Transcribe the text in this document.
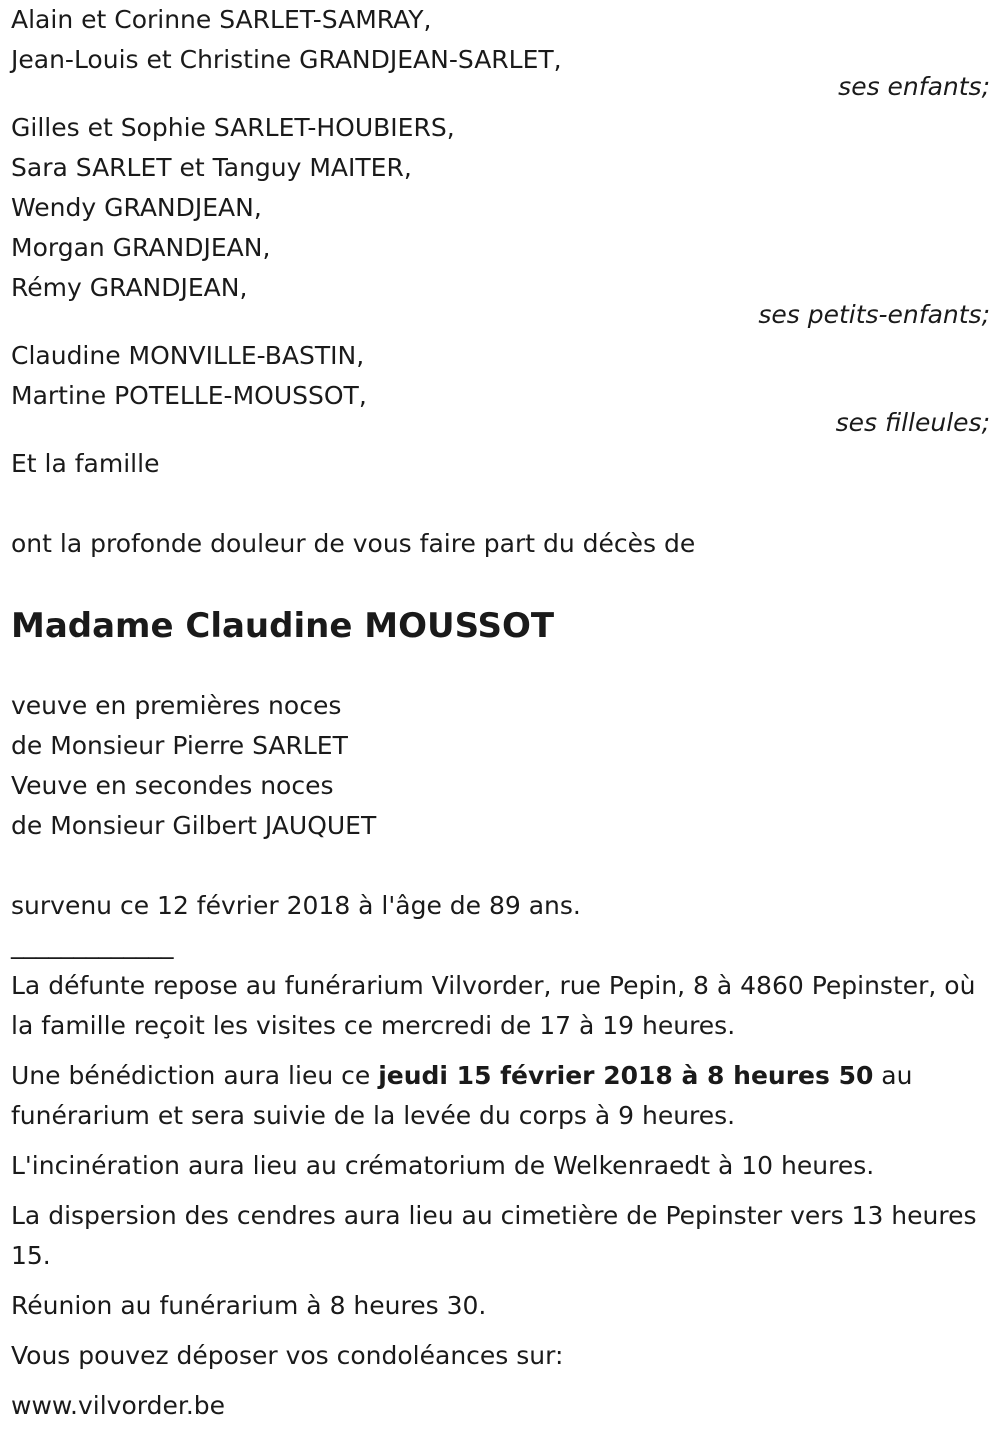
Alain et Corinne SARLET-SAMRAY,
Jean-Louis et Christine GRANDJEAN-SARLET,
ses enfants;
Gilles et Sophie SARLET-HOUBIERS,
Sara SARLET et Tanguy MAITER,
Wendy GRANDJEAN,
Morgan GRANDJEAN,
Rémy GRANDJEAN,
ses petits-enfants;
Claudine MONVILLE-BASTIN,
Martine POTELLE-MOUSSOT,
ses filleules;
Et la famille
ont la profonde douleur de vous faire part du décès de
Madame Claudine MOUSSOT
veuve en premières noces
de Monsieur Pierre SARLET
Veuve en secondes noces
de Monsieur Gilbert JAUQUET
survenu ce 12 février 2018 à l'âge de 89 ans.
_____________
La défunte repose au funérarium Vilvorder, rue Pepin, 8 à 4860 Pepinster, où la famille reçoit les visites ce mercredi de 17 à 19 heures.
Une bénédiction aura lieu ce jeudi 15 février 2018 à 8 heures 50 au funérarium et sera suivie de la levée du corps à 9 heures.
L'incinération aura lieu au crématorium de Welkenraedt à 10 heures.
La dispersion des cendres aura lieu au cimetière de Pepinster vers 13 heures 15.
Réunion au funérarium à 8 heures 30.
Vous pouvez déposer vos condoléances sur:
www.vilvorder.be
